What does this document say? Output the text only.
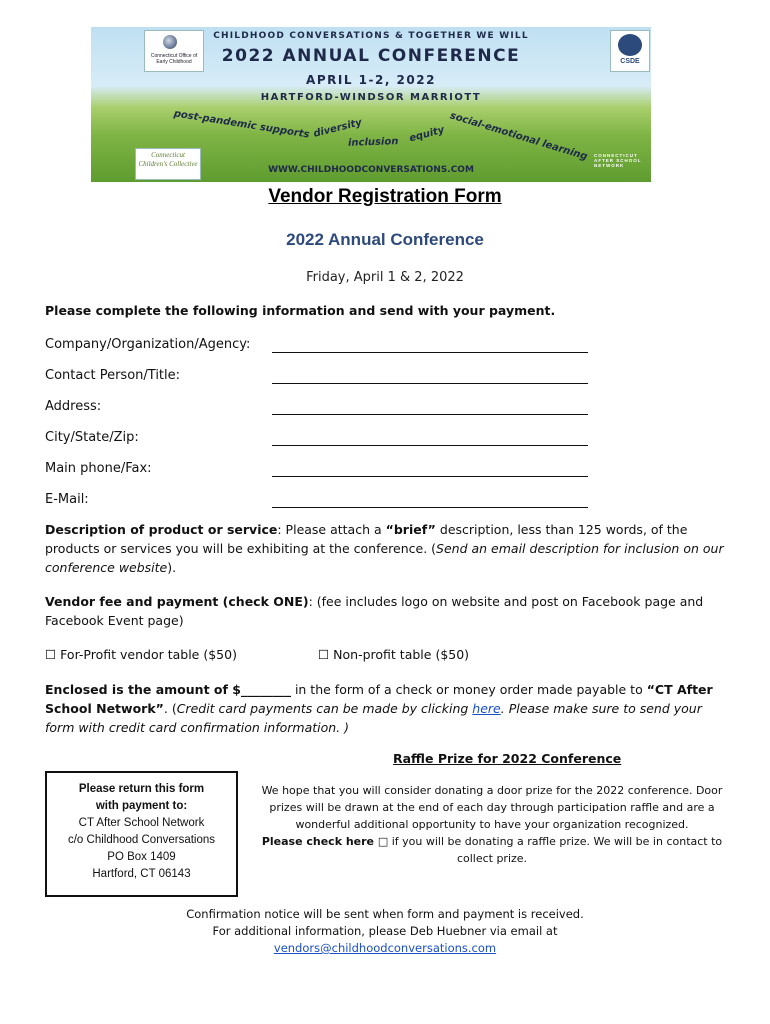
Connecticut Office of Early Childhood	CSDE
CHILDHOOD CONVERSATIONS & TOGETHER WE WILL
2022 ANNUAL CONFERENCE
APRIL 1-2, 2022
HARTFORD-WINDSOR MARRIOTT
post-pandemic supports diversity
inclusion equity social-emotional learning
Connecticut Children's Collective
CONNECTICUT AFTER SCHOOL NETWORK
WWW.CHILDHOODCONVERSATIONS.COM
Vendor Registration Form
2022 Annual Conference
Friday, April 1 & 2, 2022
Please complete the following information and send with your payment.
Company/Organization/Agency:
Contact Person/Title:
Address:
City/State/Zip:
Main phone/Fax:
E-Mail:
Description of product or service: Please attach a “brief” description, less than 125 words, of the products or services you will be exhibiting at the conference. (Send an email description for inclusion on our conference website).
Vendor fee and payment (check ONE): (fee includes logo on website and post on Facebook page and Facebook Event page)
☐ For-Profit vendor table ($50)	☐ Non-profit table ($50)
Enclosed is the amount of $________ in the form of a check or money order made payable to “CT After School Network”. (Credit card payments can be made by clicking here. Please make sure to send your form with credit card confirmation information. )
Raffle Prize for 2022 Conference
Please return this form
with payment to:
CT After School Network
c/o Childhood Conversations
PO Box 1409
Hartford, CT 06143
We hope that you will consider donating a door prize for the 2022 conference. Door prizes will be drawn at the end of each day through participation raffle and are a wonderful additional opportunity to have your organization recognized.
Please check here □ if you will be donating a raffle prize. We will be in contact to collect prize.
Confirmation notice will be sent when form and payment is received.
For additional information, please Deb Huebner via email at
vendors@childhoodconversations.com
